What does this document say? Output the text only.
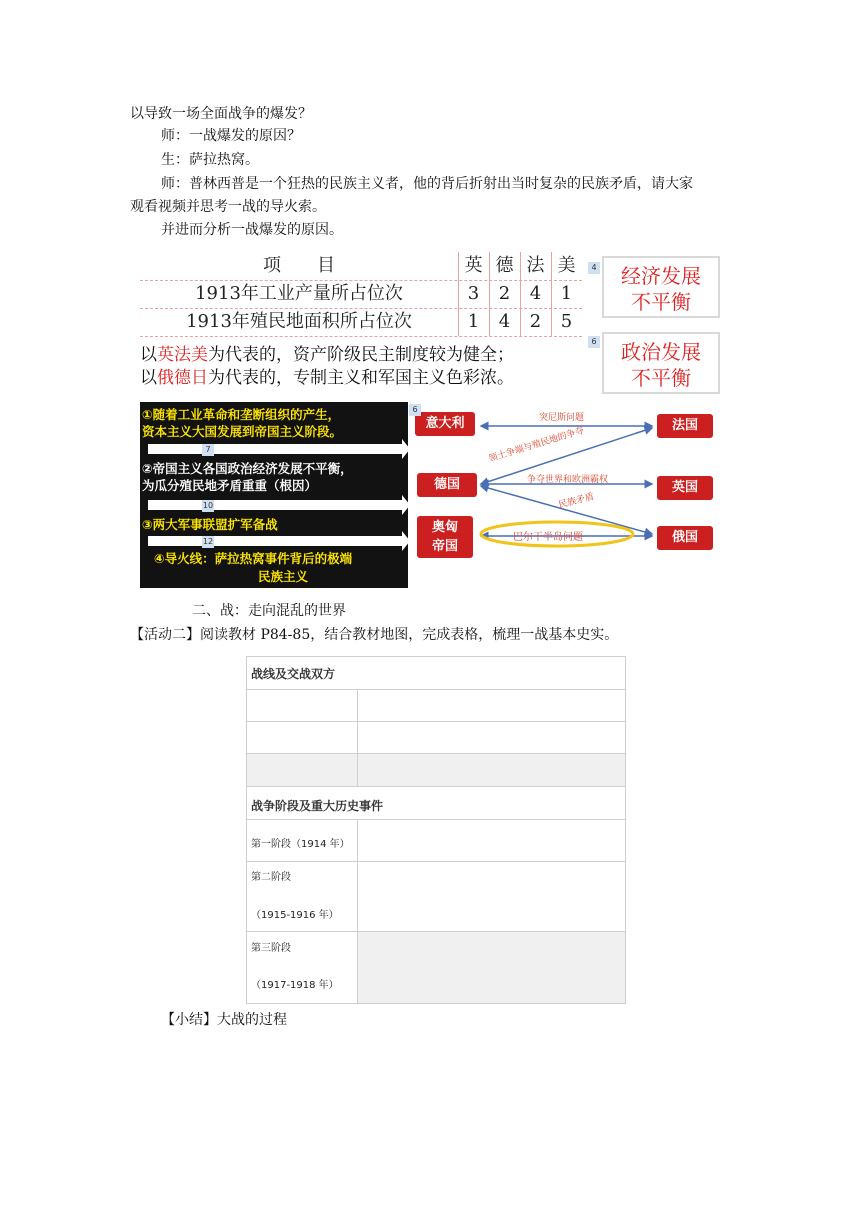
以导致一场全面战争的爆发？
师：一战爆发的原因？
生：萨拉热窝。
师：普林西普是一个狂热的民族主义者，他的背后折射出当时复杂的民族矛盾，请大家
观看视频并思考一战的导火索。
并进而分析一战爆发的原因。
项　　目	英 德 法 美
1913年工业产量所占位次	3	2	4	1
1913年殖民地面积所占位次	1	4	2	5
4	经济发展
不平衡
以英法美为代表的，资产阶级民主制度较为健全；
以俄德日为代表的，专制主义和军国主义色彩浓。
6	政治发展
不平衡
①随着工业革命和垄断组织的产生，
资本主义大国发展到帝国主义阶段。
7
②帝国主义各国政治经济发展不平衡，
为瓜分殖民地矛盾重重（根因）
10
③两大军事联盟扩军备战
12
④导火线：萨拉热窝事件背后的极端
民族主义
意大利	法国
德国	英国
奥匈
帝国
俄国
突尼斯问题
领土争端与殖民地的争夺
争夺世界和欧洲霸权
民族矛盾
巴尔干半岛问题
6
二、战：走向混乱的世界
【活动二】阅读教材 P84-85，结合教材地图，完成表格，梳理一战基本史实。
战线及交战双方
战争阶段及重大历史事件
第一阶段（1914 年）
第二阶段
（1915-1916 年）
第三阶段
（1917-1918 年）
【小结】大战的过程
